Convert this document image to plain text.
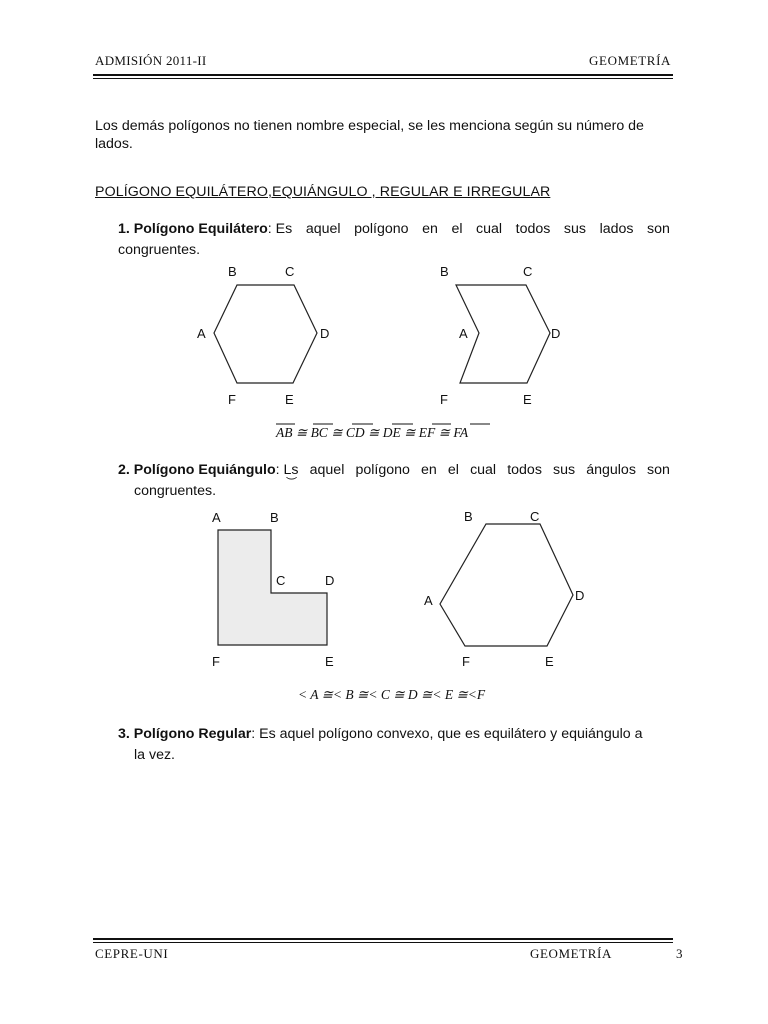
ADMISIÓN 2011-II	GEOMETRÍA
Los demás polígonos no tienen nombre especial, se les menciona según su número de lados.
POLÍGONO EQUILÁTERO,EQUIÁNGULO , REGULAR E IRREGULAR
1. Polígono Equilátero: Es aquel polígono en el cual todos sus lados son
congruentes.
2. Polígono Equiángulo: L͜s aquel polígono en el cual todos sus ángulos son
congruentes.
3. Polígono Regular: Es aquel polígono convexo, que es equilátero y equiángulo a
la vez.
B	C
A	D
F	E
B	C
A	D
F	E
AB ≅ BC ≅ CD ≅ DE ≅ EF ≅ FA
A	B
C	D
F	E
B	C
A	D
F	E
< A ≅< B ≅< C ≅ D ≅< E ≅<F
CEPRE-UNI	GEOMETRÍA	3
